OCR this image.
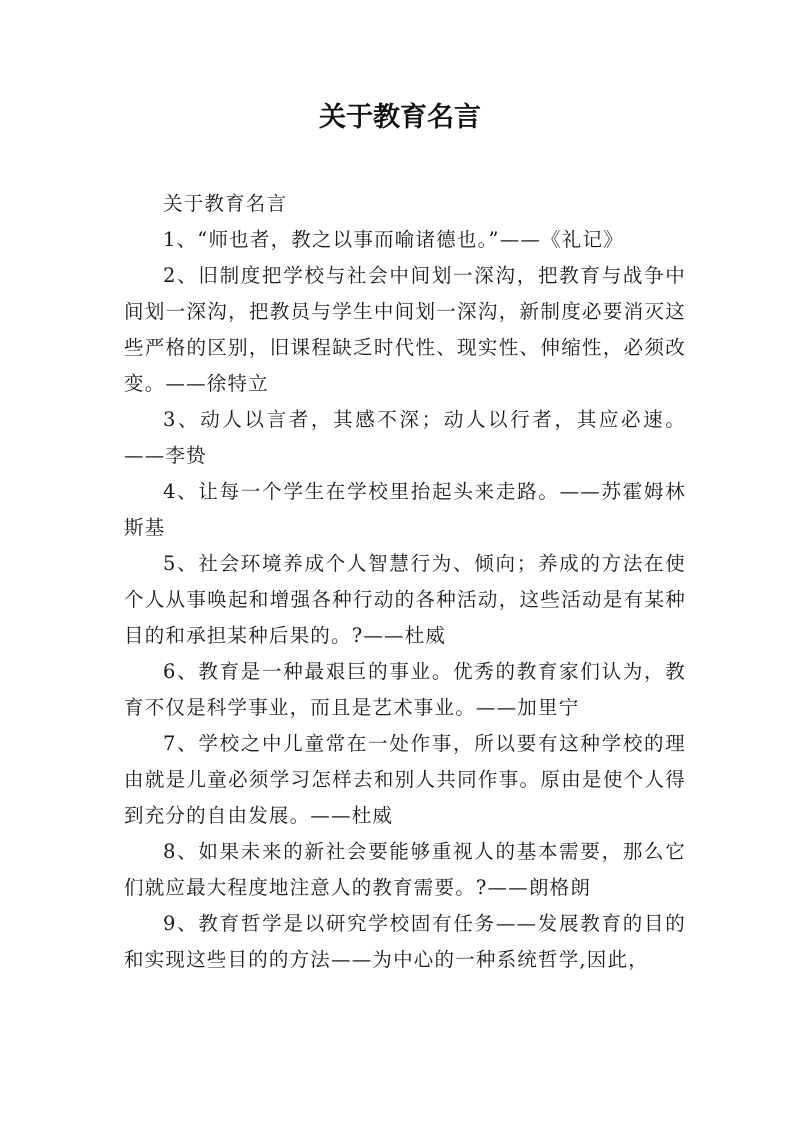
关于教育名言

关于教育名言

1、“师也者，教之以事而喻诸德也。”——《礼记》

2、旧制度把学校与社会中间划一深沟，把教育与战争中间划一深沟，把教员与学生中间划一深沟，新制度必要消灭这些严格的区别，旧课程缺乏时代性、现实性、伸缩性，必须改变。——徐特立

3、动人以言者，其感不深；动人以行者，其应必速。——李贽

4、让每一个学生在学校里抬起头来走路。——苏霍姆林斯基

5、社会环境养成个人智慧行为、倾向；养成的方法在使个人从事唤起和增强各种行动的各种活动，这些活动是有某种目的和承担某种后果的。?——杜威

6、教育是一种最艰巨的事业。优秀的教育家们认为，教育不仅是科学事业，而且是艺术事业。——加里宁

7、学校之中儿童常在一处作事，所以要有这种学校的理由就是儿童必须学习怎样去和别人共同作事。原由是使个人得到充分的自由发展。——杜威

8、如果未来的新社会要能够重视人的基本需要，那么它们就应最大程度地注意人的教育需要。?——朗格朗

9、教育哲学是以研究学校固有任务——发展教育的目的和实现这些目的的方法——为中心的一种系统哲学,因此，
